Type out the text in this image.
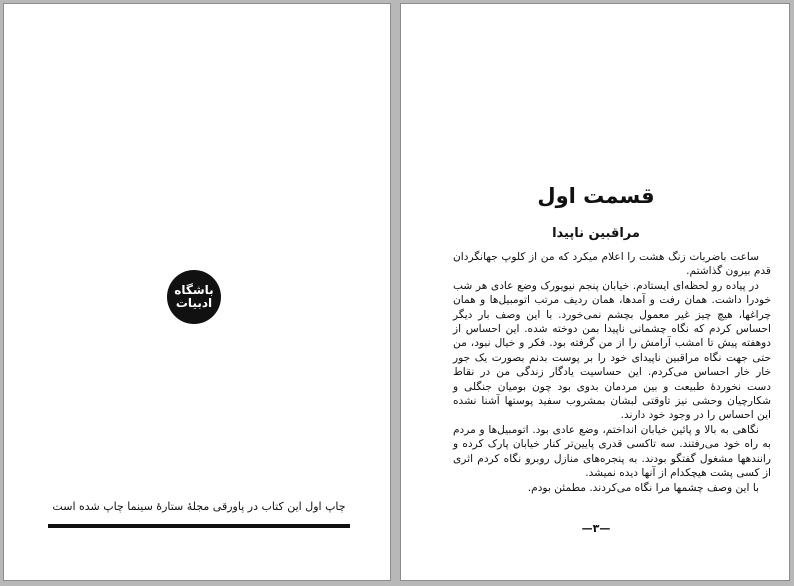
باشگاه
ادبیات
چاپ اول این کتاب در پاورقی مجلهٔ ستارهٔ سینما چاپ شده است
قسمت اول
مراقبین ناپیدا

ساعت باضربات زنگ هشت را اعلام میکرد که من از کلوپ جهانگردان قدم بیرون گذاشتم.

در پیاده رو لحظه‌ای ایستادم. خیابان پنجم نیویورک وضع عادی هر شب خودرا داشت. همان رفت و آمدها، همان ردیف مرتب اتومبیل‌ها و همان چراغها، هیچ چیز غیر معمول بچشم نمی‌خورد. با این وصف بار دیگر احساس کردم که نگاه چشمانی ناپیدا بمن دوخته شده. این احساس از دوهفته پیش تا امشب آرامش را از من گرفته بود. فکر و خیال نبود، من حتی جهت نگاه مراقبین ناپیدای خود را بر پوست بدنم بصورت یک جور خار خار احساس می‌کردم. این حساسیت یادگار زندگی من در نقاط دست نخوردهٔ طبیعت و بین مردمان بدوی بود چون بومیان جنگلی و شکارچیان وحشی نیز تاوقتی لبشان بمشروب سفید پوستها آشنا نشده این احساس را در وجود خود دارند.

نگاهی به بالا و پائین خیابان انداختم، وضع عادی بود. اتومبیل‌ها و مردم به راه خود می‌رفتند. سه تاکسی قدری پایین‌تر کنار خیابان پارک کرده و رانندهها مشغول گفتگو بودند. به پنجره‌های منازل روبرو نگاه کردم اثری از کسی پشت هیچکدام از آنها دیده نمیشد.

با این وصف چشمها مرا نگاه می‌کردند. مطمئن بودم.

—٣—
